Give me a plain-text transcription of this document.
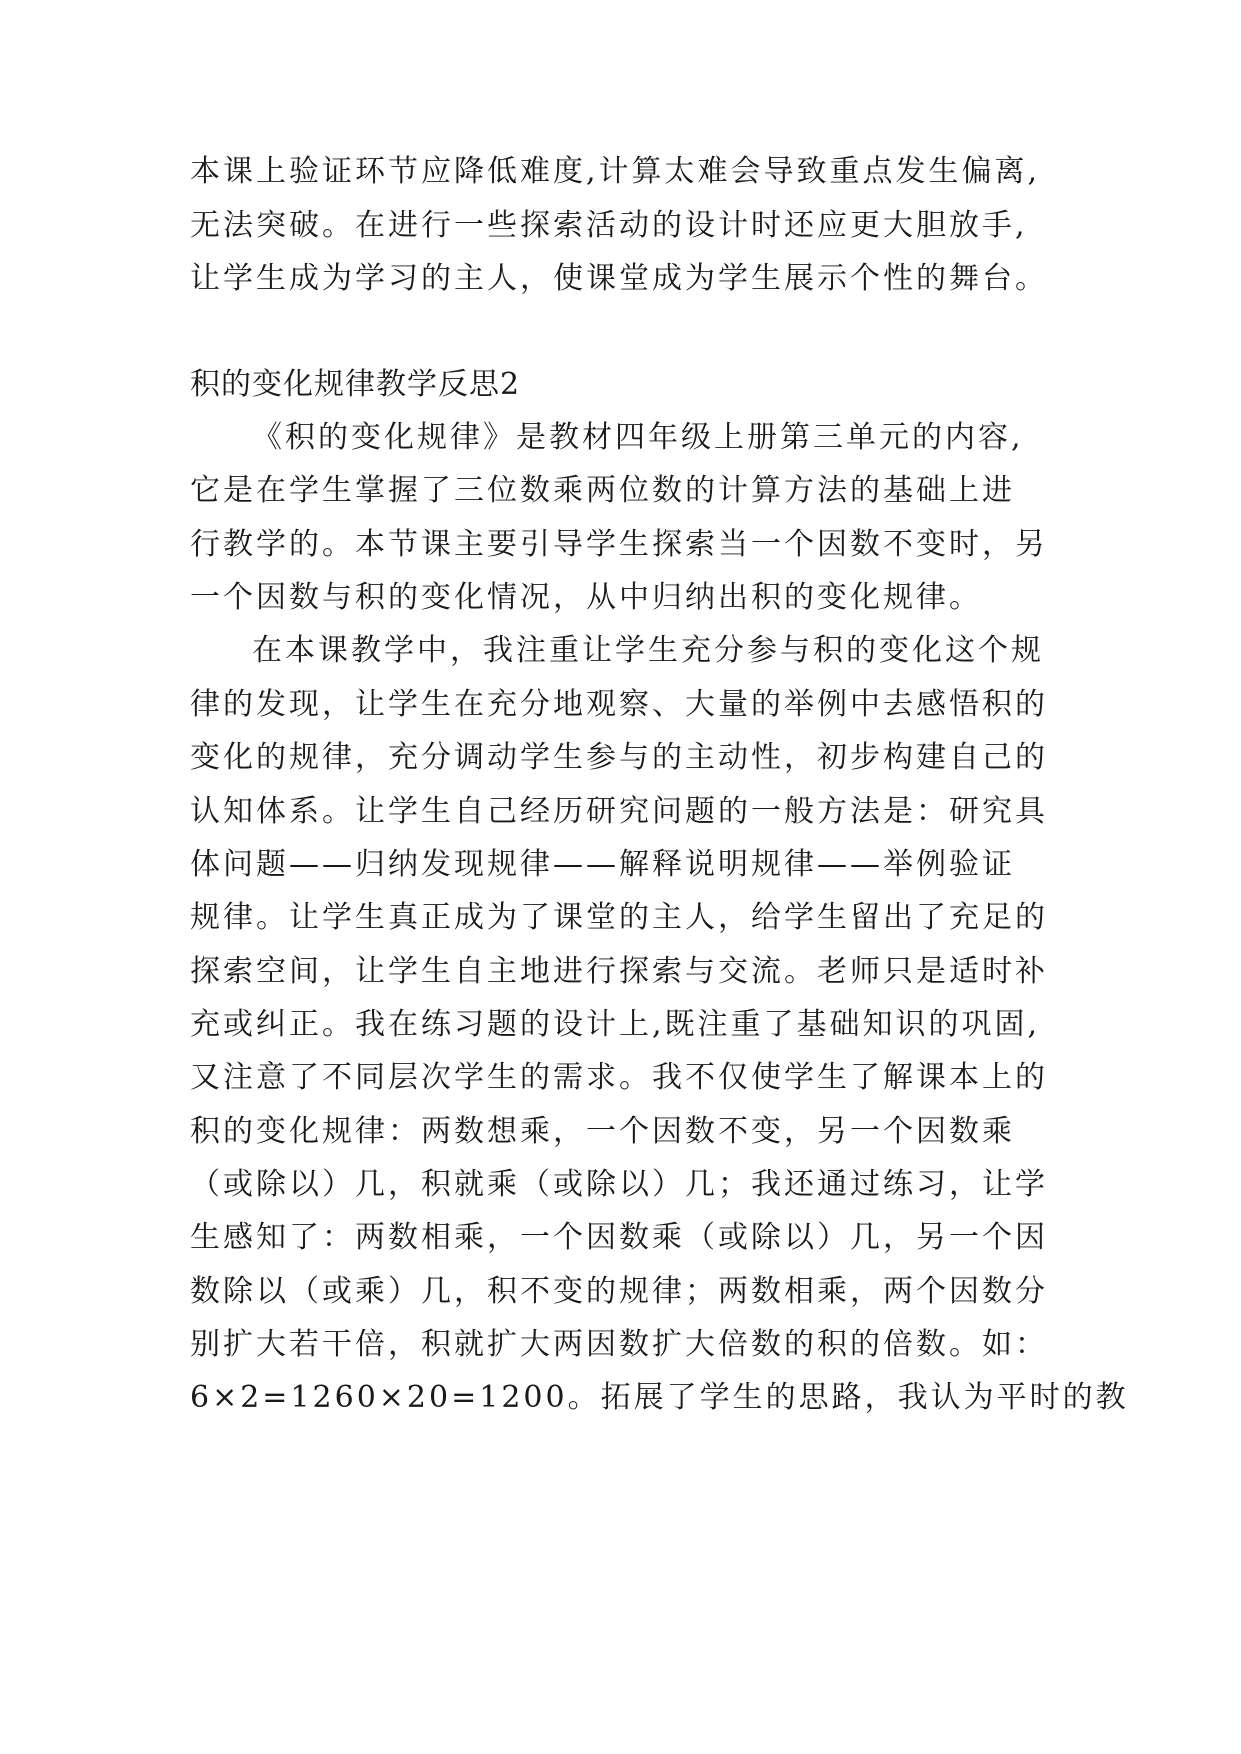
本课上验证环节应降低难度,计算太难会导致重点发生偏离,
无法突破。在进行一些探索活动的设计时还应更大胆放手,
让学生成为学习的主人，使课堂成为学生展示个性的舞台。
积的变化规律教学反思2
《积的变化规律》是教材四年级上册第三单元的内容,
它是在学生掌握了三位数乘两位数的计算方法的基础上进
行教学的。本节课主要引导学生探索当一个因数不变时，另
一个因数与积的变化情况，从中归纳出积的变化规律。
在本课教学中，我注重让学生充分参与积的变化这个规
律的发现，让学生在充分地观察、大量的举例中去感悟积的
变化的规律，充分调动学生参与的主动性，初步构建自己的
认知体系。让学生自己经历研究问题的一般方法是：研究具
体问题——归纳发现规律——解释说明规律——举例验证
规律。让学生真正成为了课堂的主人，给学生留出了充足的
探索空间，让学生自主地进行探索与交流。老师只是适时补
充或纠正。我在练习题的设计上,既注重了基础知识的巩固,
又注意了不同层次学生的需求。我不仅使学生了解课本上的
积的变化规律：两数想乘，一个因数不变，另一个因数乘
（或除以）几，积就乘（或除以）几；我还通过练习，让学
生感知了：两数相乘，一个因数乘（或除以）几，另一个因
数除以（或乘）几，积不变的规律；两数相乘，两个因数分
别扩大若干倍，积就扩大两因数扩大倍数的积的倍数。如：
6×2=1260×20=1200。拓展了学生的思路，我认为平时的教
